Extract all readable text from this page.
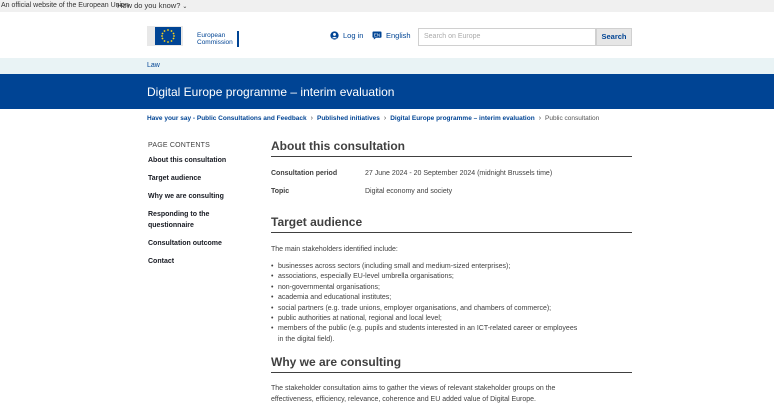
An official website of the European Union
How do you know? ⌄
European
Commission
Log in EN English	Search on Europe	Search
Law
Digital Europe programme – interim evaluation
Have your say - Public Consultations and Feedback › Published initiatives › Digital Europe programme – interim evaluation › Public consultation
PAGE CONTENTS
About this consultation
Target audience
Why we are consulting
Responding to the questionnaire
Consultation outcome
Contact
About this consultation
Consultation period	27 June 2024 - 20 September 2024 (midnight Brussels time)
Topic	Digital economy and society
Target audience
The main stakeholders identified include:
• businesses across sectors (including small and medium-sized enterprises);
• associations, especially EU-level umbrella organisations;
• non-governmental organisations;
• academia and educational institutes;
• social partners (e.g. trade unions, employer organisations, and chambers of commerce);
• public authorities at national, regional and local level;
• members of the public (e.g. pupils and students interested in an ICT-related career or employees in the digital field).
Why we are consulting
The stakeholder consultation aims to gather the views of relevant stakeholder groups on the effectiveness, efficiency, relevance, coherence and EU added value of Digital Europe.
